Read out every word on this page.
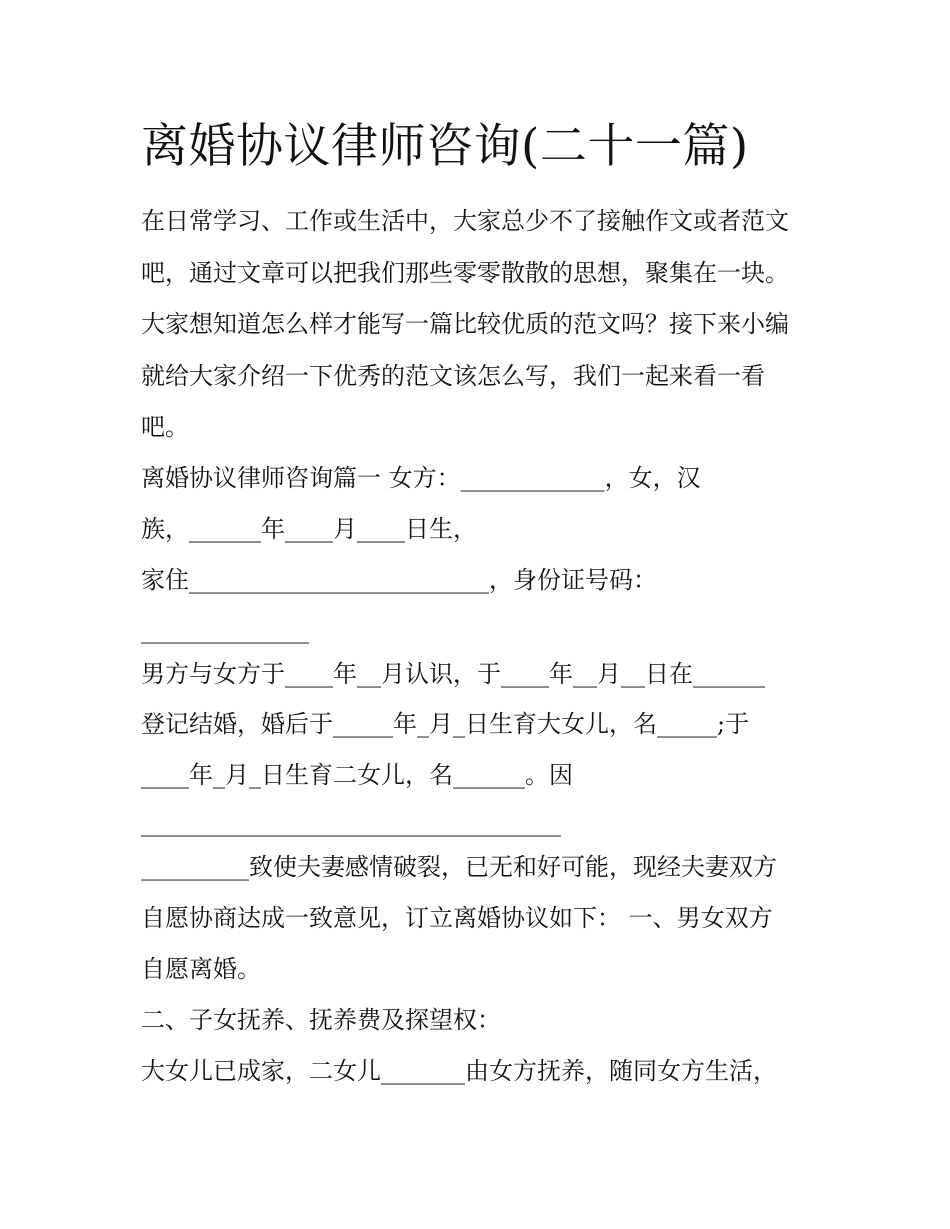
离婚协议律师咨询(二十一篇)

在日常学习、工作或生活中，大家总少不了接触作文或者范文

吧，通过文章可以把我们那些零零散散的思想，聚集在一块。

大家想知道怎么样才能写一篇比较优质的范文吗？接下来小编

就给大家介绍一下优秀的范文该怎么写，我们一起来看一看

吧。

离婚协议律师咨询篇一 女方：____________，女，汉

族，______年____月____日生，

家住_________________________，身份证号码：

______________

男方与女方于____年__月认识，于____年__月__日在______

登记结婚，婚后于_____年_月_日生育大女儿，名_____;于

____年_月_日生育二女儿，名______。因

___________________________________

_________致使夫妻感情破裂，已无和好可能，现经夫妻双方

自愿协商达成一致意见，订立离婚协议如下： 一、男女双方

自愿离婚。

二、子女抚养、抚养费及探望权：

大女儿已成家，二女儿_______由女方抚养，随同女方生活，
